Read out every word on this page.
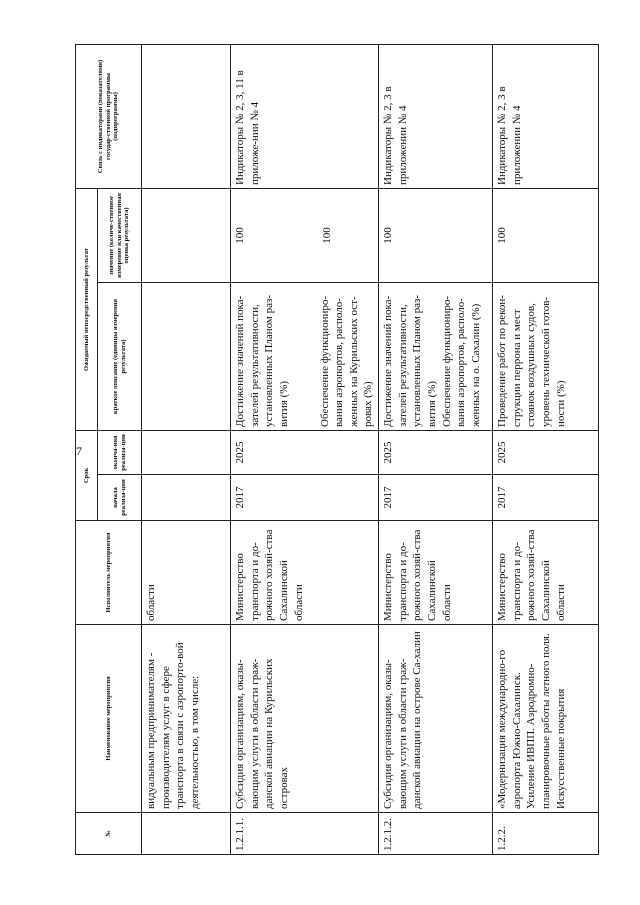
7
№	Наименование мероприятия	Исполнитель мероприятия	Срок		Ожидаемый непосредственный результат		Связь с индикаторами (показателями) государ-ственной программы (подпрограммы)
			начала реализа-ции	оконча-ния реализа-ции	краткое описание (единицы измерения результата)	значение (количе-ственное измерение или качественная оценка результата)	
	видуальным предпринимателям - производителям услуг в сфере транспорта в связи с аэропорто-вой деятельностью, в том числе:	области					
1.2.1.1.	Субсидия организациям, оказы-вающим услуги в области граж-данской авиации на Курильских островах	Министерство транспорта и до-рожного хозяй-ства Сахалинской области	2017	2025	Достижение значений пока-зателей результативности, установленных Планом раз-вития (%) Обеспечение функциониро-вания аэропортов, располо-женных на Курильских ост-ровах (%)	100 100	Индикаторы № 2, 3, 11 в приложе-нии № 4
1.2.1.2.	Субсидия организациям, оказы-вающим услуги в области граж-данской авиации на острове Са-халин	Министерство транспорта и до-рожного хозяй-ства Сахалинской области	2017	2025	Достижение значений пока-зателей результативности, установленных Планом раз-вития (%) Обеспечение функциониро-вания аэропортов, располо-женных на о. Сахалин (%)	100	Индикаторы № 2, 3 в приложении № 4
1.2.2.	«Модернизация международно-го аэропорта Южно-Сахалинск. Усиление ИВПП. Аэродромно-планировочные работы летного поля. Искусственные покрытия	Министерство транспорта и до-рожного хозяй-ства Сахалинской области	2017	2025	Проведение работ по рекон-струкции перрона и мест стоянок воздушных судов, уровень технической готов-ности (%)	100	Индикаторы № 2, 3 в приложении № 4
